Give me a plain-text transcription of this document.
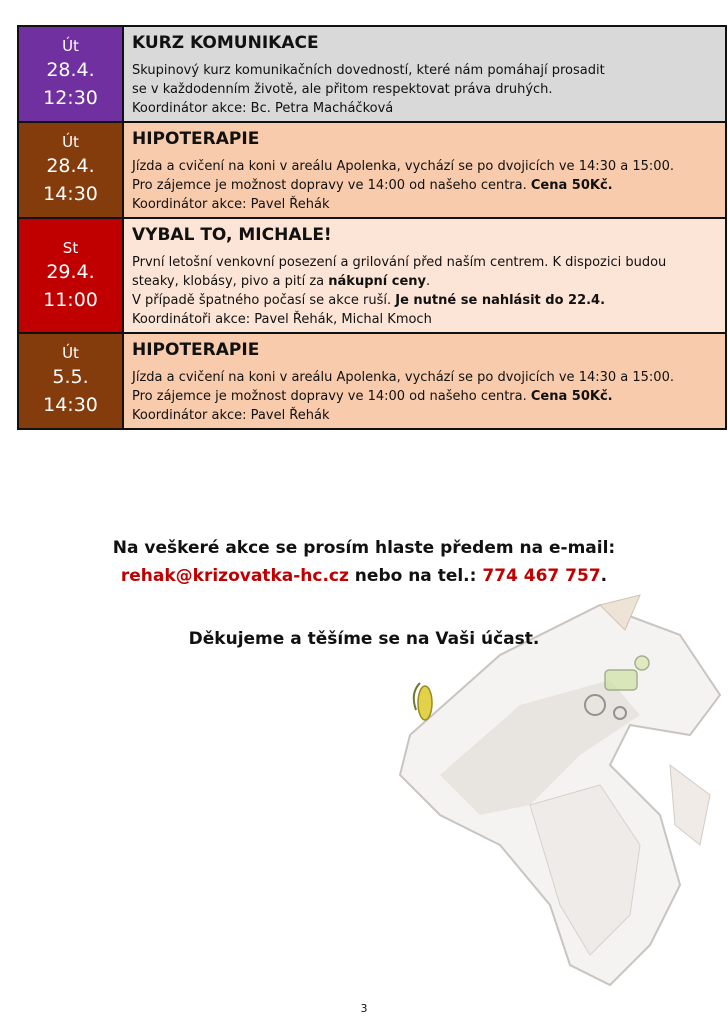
Út
28.4.
12:30
KURZ KOMUNIKACE
Skupinový kurz komunikačních dovedností, které nám pomáhají prosadit
se v každodenním životě, ale přitom respektovat práva druhých.
Koordinátor akce: Bc. Petra Macháčková
Út
28.4.
14:30
HIPOTERAPIE
Jízda a cvičení na koni v areálu Apolenka, vychází se po dvojicích ve 14:30 a 15:00.
Pro zájemce je možnost dopravy ve 14:00 od našeho centra. Cena 50Kč.
Koordinátor akce: Pavel Řehák
St
29.4.
11:00
VYBAL TO, MICHALE!
První letošní venkovní posezení a grilování před naším centrem. K dispozici budou
steaky, klobásy, pivo a pití za nákupní ceny.
V případě špatného počasí se akce ruší. Je nutné se nahlásit do 22.4.
Koordinátoři akce: Pavel Řehák, Michal Kmoch
Út
5.5.
14:30
HIPOTERAPIE
Jízda a cvičení na koni v areálu Apolenka, vychází se po dvojicích ve 14:30 a 15:00.
Pro zájemce je možnost dopravy ve 14:00 od našeho centra. Cena 50Kč.
Koordinátor akce: Pavel Řehák
Na veškeré akce se prosím hlaste předem na e-mail:
rehak@krizovatka-hc.cz nebo na tel.: 774 467 757.
Děkujeme a těšíme se na Vaši účast.
3
